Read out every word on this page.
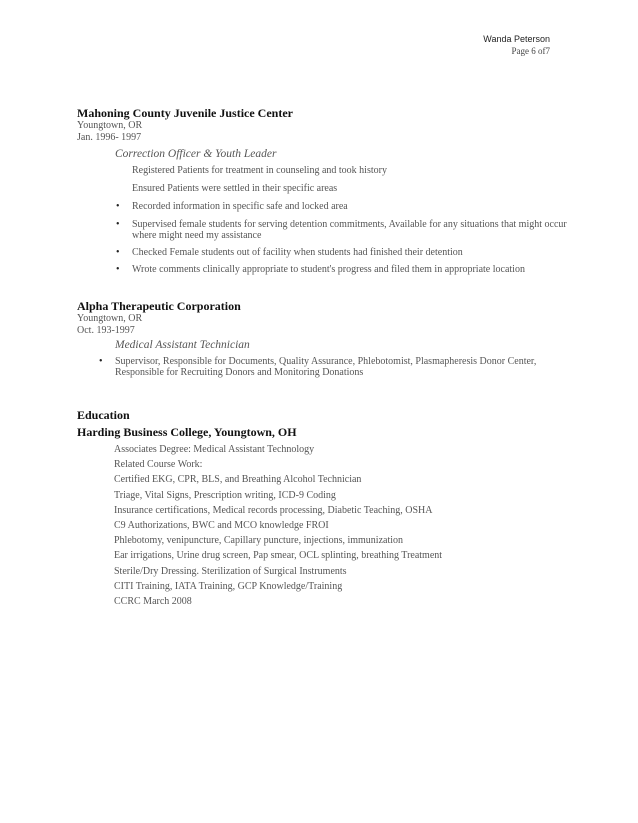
Wanda Peterson
Page 6 of7
Mahoning County Juvenile Justice Center
Youngtown, OR
Jan. 1996- 1997
Correction Officer & Youth Leader
Registered Patients for treatment in counseling and took history
Ensured Patients were settled in their specific areas
• Recorded information in specific safe and locked area
• Supervised female students for serving detention commitments, Available for any situations that might occur where might need my assistance
• Checked Female students out of facility when students had finished their detention
• Wrote comments clinically appropriate to student's progress and filed them in appropriate location
Alpha Therapeutic Corporation
Youngtown, OR
Oct. 193-1997
Medical Assistant Technician
• Supervisor, Responsible for Documents, Quality Assurance, Phlebotomist, Plasmapheresis Donor Center, Responsible for Recruiting Donors and Monitoring Donations
Education
Harding Business College, Youngtown, OH
Associates Degree: Medical Assistant Technology
Related Course Work:
Certified EKG, CPR, BLS, and Breathing Alcohol Technician
Triage, Vital Signs, Prescription writing, ICD-9 Coding
Insurance certifications, Medical records processing, Diabetic Teaching, OSHA
C9 Authorizations, BWC and MCO knowledge FROI
Phlebotomy, venipuncture, Capillary puncture, injections, immunization
Ear irrigations, Urine drug screen, Pap smear, OCL splinting, breathing Treatment
Sterile/Dry Dressing. Sterilization of Surgical Instruments
CITI Training, IATA Training, GCP Knowledge/Training
CCRC March 2008
